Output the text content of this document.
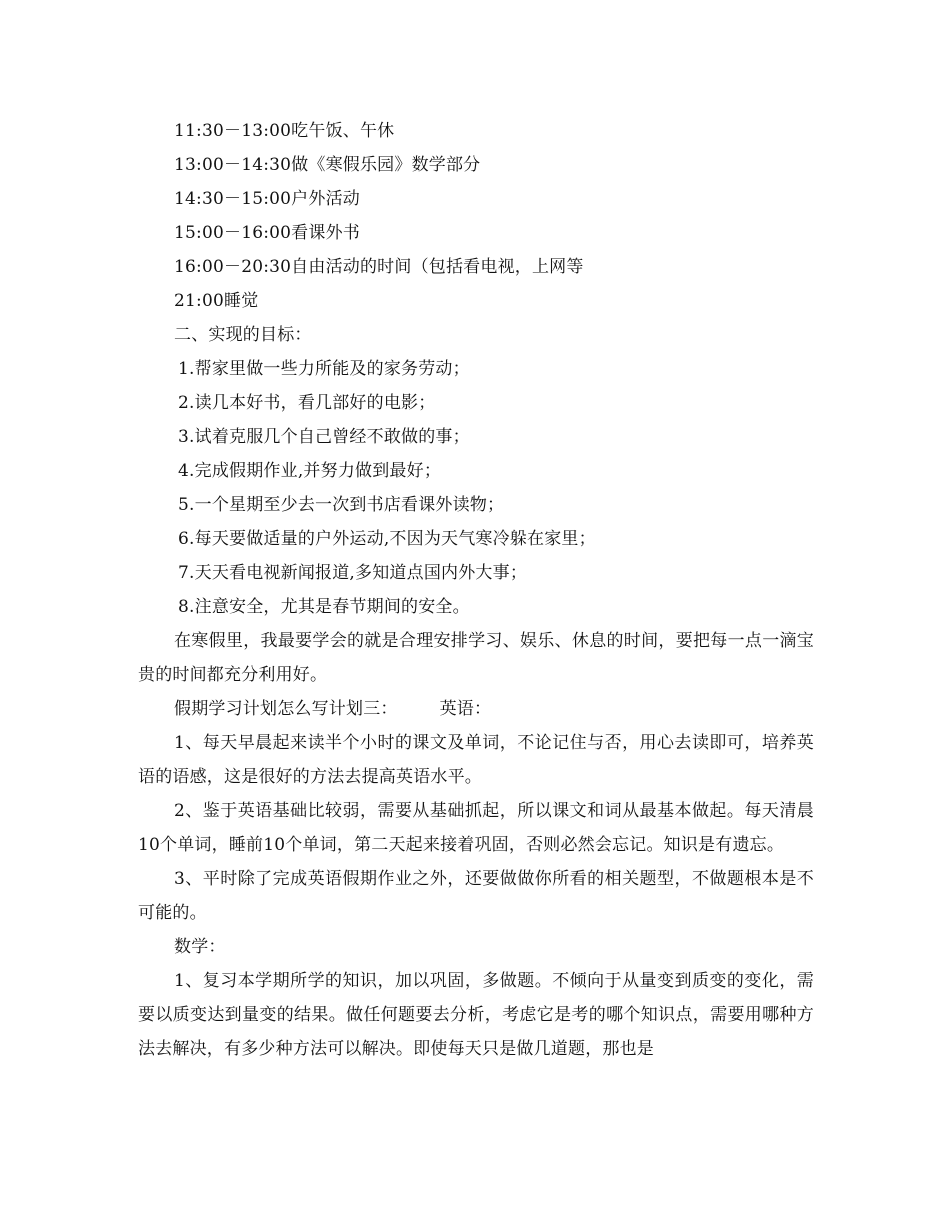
11:30－13:00吃午饭、午休
13:00－14:30做《寒假乐园》数学部分
14:30－15:00户外活动
15:00－16:00看课外书
16:00－20:30自由活动的时间（包括看电视，上网等
21:00睡觉
二、实现的目标：
1.帮家里做一些力所能及的家务劳动；
2.读几本好书，看几部好的电影；
3.试着克服几个自己曾经不敢做的事；
4.完成假期作业,并努力做到最好；
5.一个星期至少去一次到书店看课外读物；
6.每天要做适量的户外运动,不因为天气寒冷躲在家里；
7.天天看电视新闻报道,多知道点国内外大事；
8.注意安全，尤其是春节期间的安全。
在寒假里，我最要学会的就是合理安排学习、娱乐、休息的时间，要把每一点一滴宝贵的时间都充分利用好。
假期学习计划怎么写计划三： 英语：
1、每天早晨起来读半个小时的课文及单词，不论记住与否，用心去读即可，培养英语的语感，这是很好的方法去提高英语水平。
2、鉴于英语基础比较弱，需要从基础抓起，所以课文和词从最基本做起。每天清晨10个单词，睡前10个单词，第二天起来接着巩固，否则必然会忘记。知识是有遗忘。
3、平时除了完成英语假期作业之外，还要做做你所看的相关题型，不做题根本是不可能的。
数学：
1、复习本学期所学的知识，加以巩固，多做题。不倾向于从量变到质变的变化，需要以质变达到量变的结果。做任何题要去分析，考虑它是考的哪个知识点，需要用哪种方法去解决，有多少种方法可以解决。即使每天只是做几道题，那也是
